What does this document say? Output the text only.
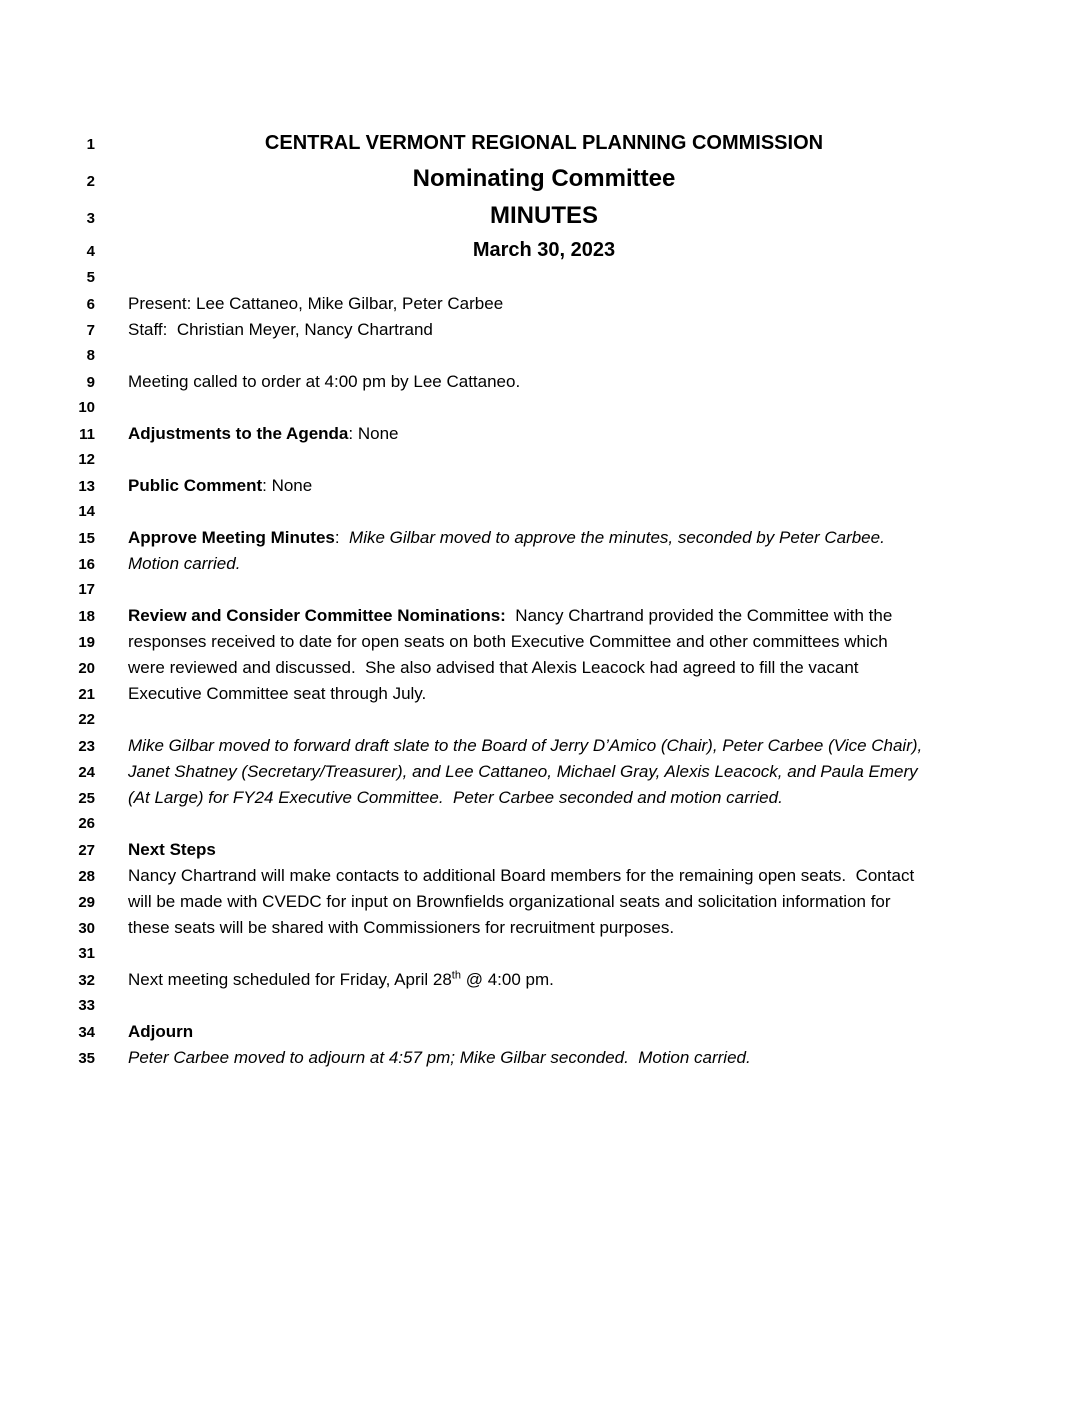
1	CENTRAL VERMONT REGIONAL PLANNING COMMISSION
2	Nominating Committee
3	MINUTES
4	March 30, 2023
5
6 Present: Lee Cattaneo, Mike Gilbar, Peter Carbee
7 Staff:  Christian Meyer, Nancy Chartrand
8
9 Meeting called to order at 4:00 pm by Lee Cattaneo.
10
11 Adjustments to the Agenda: None
12
13 Public Comment: None
14
15 Approve Meeting Minutes:  Mike Gilbar moved to approve the minutes, seconded by Peter Carbee.
16 Motion carried.
17
18 Review and Consider Committee Nominations:  Nancy Chartrand provided the Committee with the
19 responses received to date for open seats on both Executive Committee and other committees which
20 were reviewed and discussed.  She also advised that Alexis Leacock had agreed to fill the vacant
21 Executive Committee seat through July.
22
23 Mike Gilbar moved to forward draft slate to the Board of Jerry D’Amico (Chair), Peter Carbee (Vice Chair),
24 Janet Shatney (Secretary/Treasurer), and Lee Cattaneo, Michael Gray, Alexis Leacock, and Paula Emery
25 (At Large) for FY24 Executive Committee.  Peter Carbee seconded and motion carried.
26
27 Next Steps
28 Nancy Chartrand will make contacts to additional Board members for the remaining open seats.  Contact
29 will be made with CVEDC for input on Brownfields organizational seats and solicitation information for
30 these seats will be shared with Commissioners for recruitment purposes.
31
32 Next meeting scheduled for Friday, April 28th @ 4:00 pm.
33
34 Adjourn
35 Peter Carbee moved to adjourn at 4:57 pm; Mike Gilbar seconded.  Motion carried.
